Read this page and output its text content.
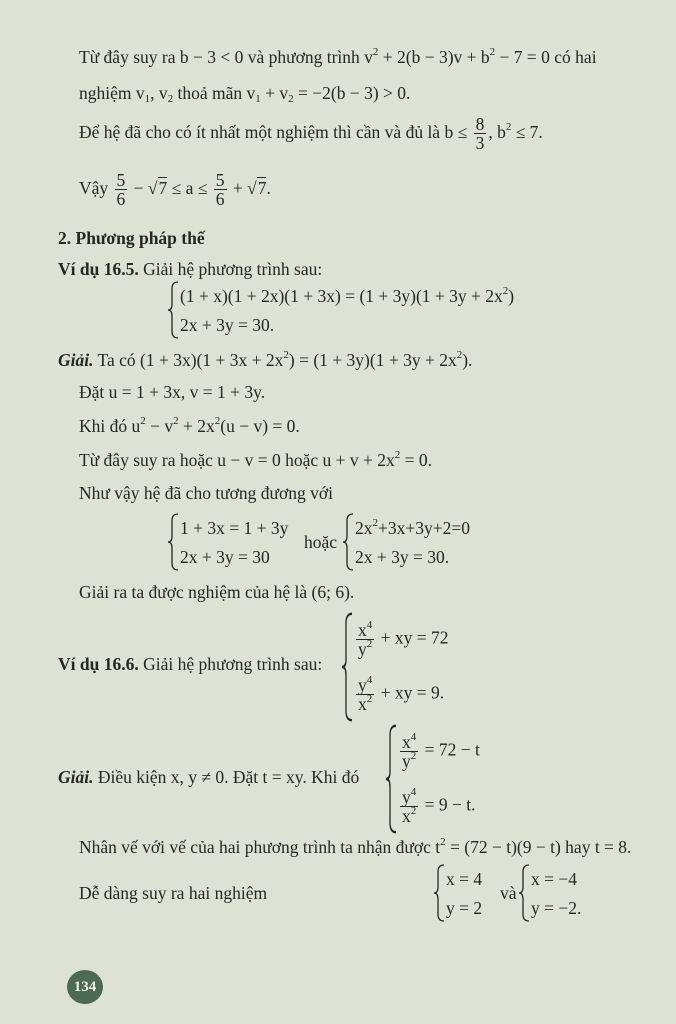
Từ đây suy ra b − 3 < 0 và phương trình $v^2 + 2(b - 3)v + b^2 - 7 = 0$ có hai
nghiệm $v_1$, $v_2$ thoả mãn $v_1 + v_2 = -2(b - 3) > 0$.
Để hệ đã cho có ít nhất một nghiệm thì cần và đủ là $b \le \frac{8}{3}$ , $b^2 \le 7$.
Vậy $\frac{5}{6} - √7 \le a \le \frac{5}{6} + √7$.
2. Phương pháp thế
Ví dụ 16.5. Giải hệ phương trình sau:
$(1 + x)(1 + 2x)(1 + 3x) = (1 + 3y)(1 + 3y + 2x^2)$
2x + 3y = 30.
Giải. Ta có $(1 + 3x)(1 + 3x + 2x^2) = (1 + 3y)(1 + 3y + 2x^2)$.
Đặt u = 1 + 3x, v = 1 + 3y.
Khi đó $u^2 - v^2 + 2x^2(u - v) = 0$.
Từ đây suy ra hoặc u − v = 0 hoặc $u + v + 2x^2 = 0$.
Như vậy hệ đã cho tương đương với
1 + 3x = 1 + 3y
2x + 3y = 30
hoặc
$2x^2+3x+3y+2=0$
2x + 3y = 30.
Giải ra ta được nghiệm của hệ là (6; 6).
Ví dụ 16.6. Giải hệ phương trình sau:
$\frac{x^4}{y^2}$ + xy = 72
$\frac{y^4}{x^2}$ + xy = 9.
Giải. Điều kiện x, y ≠ 0. Đặt t = xy. Khi đó
$\frac{x^4}{y^2} = 72 - t$
$\frac{y^4}{x^2} = 9 - t$.
Nhân vế với vế của hai phương trình ta nhận được $t^2 = (72 - t)(9 - t)$ hay t = 8.
Dễ dàng suy ra hai nghiệm
x = 4
y = 2
và
x = −4
y = −2.
134
